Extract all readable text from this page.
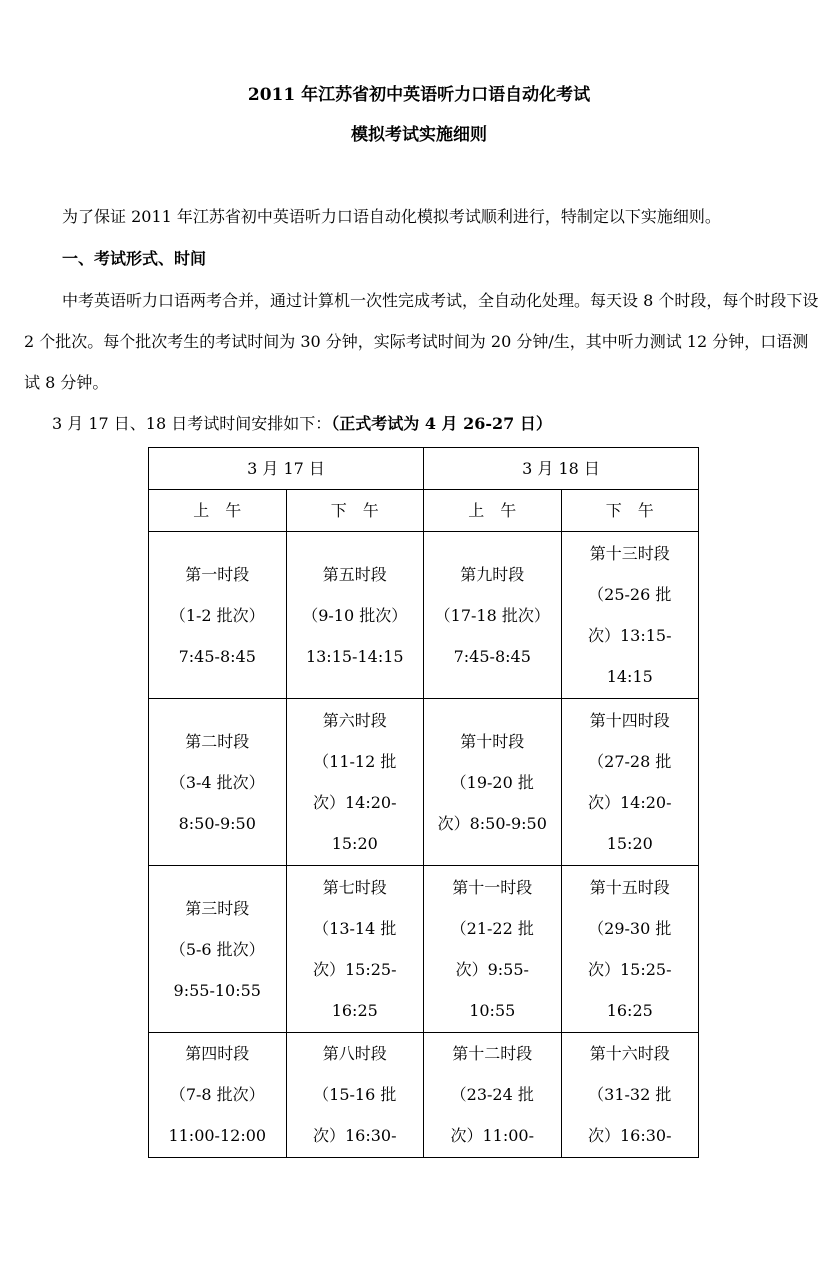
2011 年江苏省初中英语听力口语自动化考试
模拟考试实施细则

为了保证 2011 年江苏省初中英语听力口语自动化模拟考试顺利进行，特制定以下实施细则。

一、考试形式、时间

中考英语听力口语两考合并，通过计算机一次性完成考试，全自动化处理。每天设 8 个时段，每个时段下设 2 个批次。每个批次考生的考试时间为 30 分钟，实际考试时间为 20 分钟/生，其中听力测试 12 分钟，口语测试 8 分钟。

3 月 17 日、18 日考试时间安排如下：（正式考试为 4 月 26-27 日）

3 月 17 日		3 月 18 日	
上　午	下　午	上　午	下　午

第一时段
（1-2 批次）
7:45-8:45	第五时段
（9-10 批次）
13:15-14:15	第九时段
（17-18 批次）
7:45-8:45	第十三时段
（25-26 批
次）13:15-
14:15

第二时段
（3-4 批次）
8:50-9:50	第六时段
（11-12 批
次）14:20-
15:20	第十时段
（19-20 批
次）8:50-9:50	第十四时段
（27-28 批
次）14:20-
15:20

第三时段
（5-6 批次）
9:55-10:55	第七时段
（13-14 批
次）15:25-
16:25	第十一时段
（21-22 批
次）9:55-
10:55	第十五时段
（29-30 批
次）15:25-
16:25

第四时段
（7-8 批次）
11:00-12:00	第八时段
（15-16 批
次）16:30-	第十二时段
（23-24 批
次）11:00-	第十六时段
（31-32 批
次）16:30-
